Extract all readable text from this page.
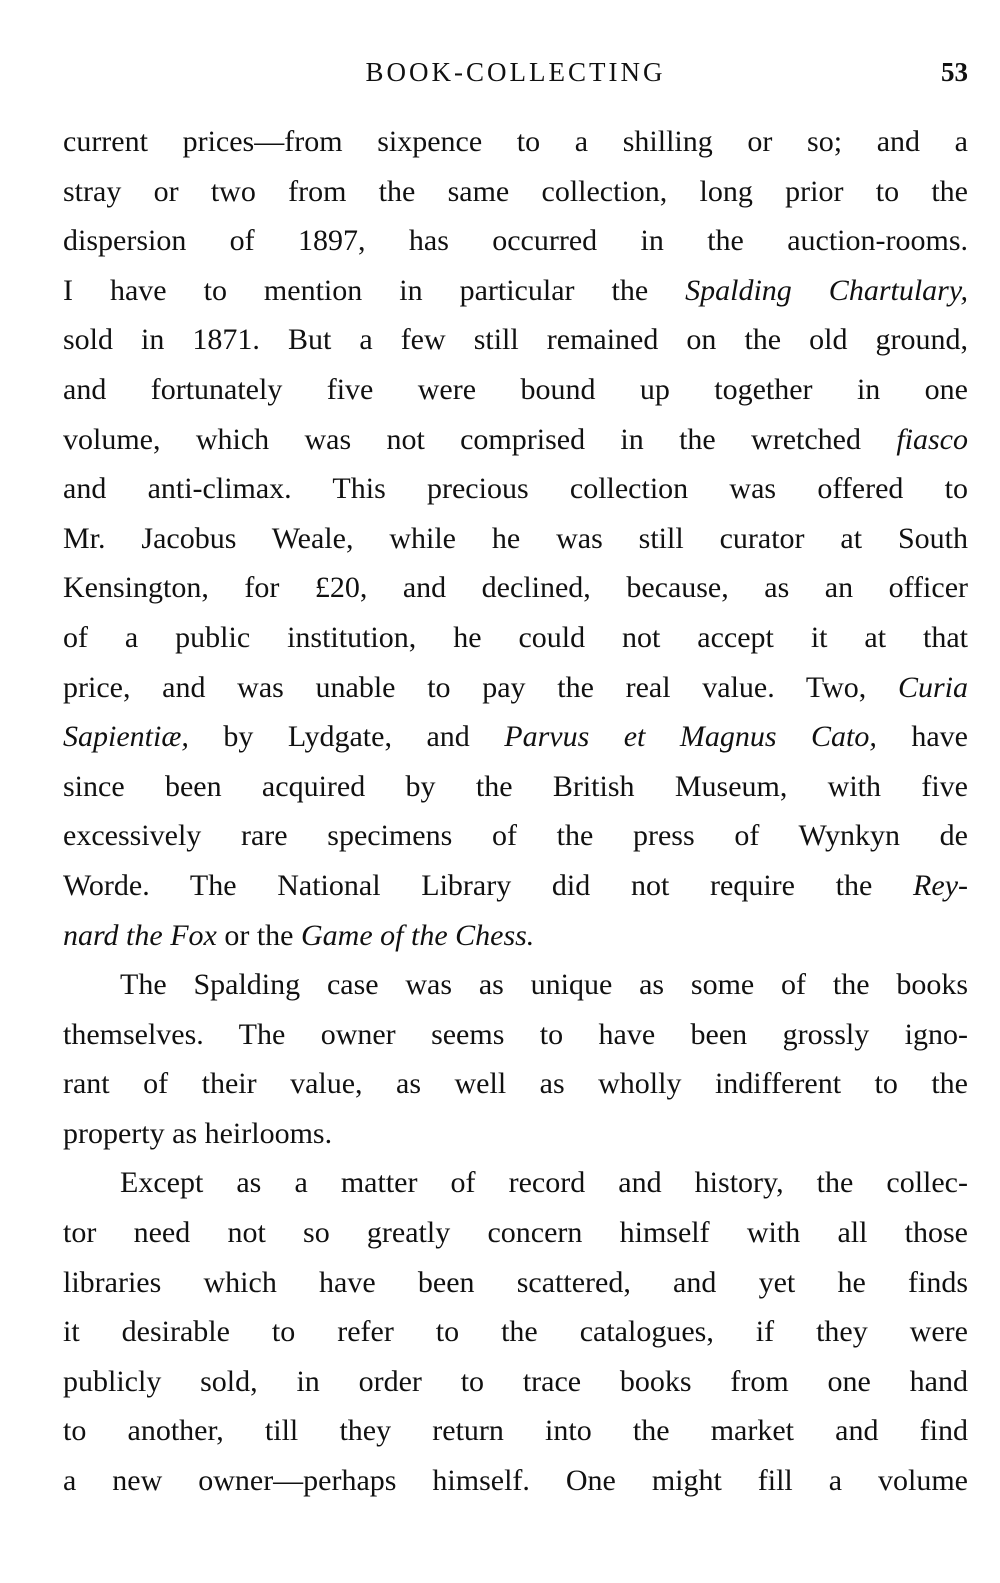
BOOK-COLLECTING	53
current prices—from sixpence to a shilling or so; and a
stray or two from the same collection, long prior to the
dispersion of 1897, has occurred in the auction-rooms.
I have to mention in particular the Spalding Chartulary,
sold in 1871. But a few still remained on the old ground,
and fortunately five were bound up together in one
volume, which was not comprised in the wretched fiasco
and anti-climax. This precious collection was offered to
Mr. Jacobus Weale, while he was still curator at South
Kensington, for £20, and declined, because, as an officer
of a public institution, he could not accept it at that
price, and was unable to pay the real value. Two, Curia
Sapientiæ, by Lydgate, and Parvus et Magnus Cato, have
since been acquired by the British Museum, with five
excessively rare specimens of the press of Wynkyn de
Worde. The National Library did not require the Rey-
nard the Fox or the Game of the Chess.
The Spalding case was as unique as some of the books
themselves. The owner seems to have been grossly igno-
rant of their value, as well as wholly indifferent to the
property as heirlooms.
Except as a matter of record and history, the collec-
tor need not so greatly concern himself with all those
libraries which have been scattered, and yet he finds
it desirable to refer to the catalogues, if they were
publicly sold, in order to trace books from one hand
to another, till they return into the market and find
a new owner—perhaps himself. One might fill a volume
